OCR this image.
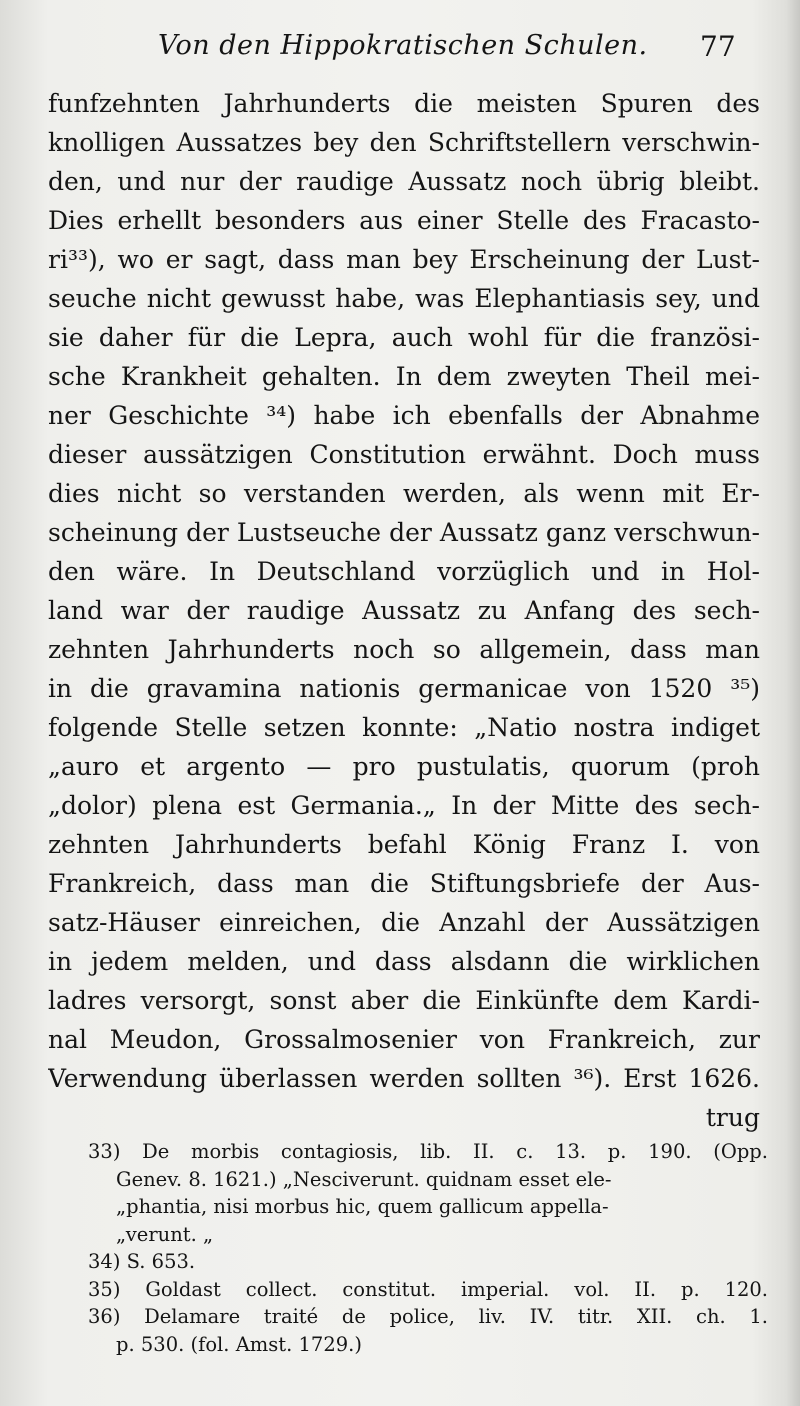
Von den Hippokratischen Schulen. 77
funfzehnten Jahrhunderts die meisten Spuren des
knolligen Aussatzes bey den Schriftstellern verschwin-
den, und nur der raudige Aussatz noch übrig bleibt.
Dies erhellt besonders aus einer Stelle des Fracasto-
ri³³), wo er sagt, dass man bey Erscheinung der Lust-
seuche nicht gewusst habe, was Elephantiasis sey, und
sie daher für die Lepra, auch wohl für die französi-
sche Krankheit gehalten. In dem zweyten Theil mei-
ner Geschichte ³⁴) habe ich ebenfalls der Abnahme
dieser aussätzigen Constitution erwähnt. Doch muss
dies nicht so verstanden werden, als wenn mit Er-
scheinung der Lustseuche der Aussatz ganz verschwun-
den wäre. In Deutschland vorzüglich und in Hol-
land war der raudige Aussatz zu Anfang des sech-
zehnten Jahrhunderts noch so allgemein, dass man
in die gravamina nationis germanicae von 1520 ³⁵)
folgende Stelle setzen konnte: „Natio nostra indiget
„auro et argento — pro pustulatis, quorum (proh
„dolor) plena est Germania.„ In der Mitte des sech-
zehnten Jahrhunderts befahl König Franz I. von
Frankreich, dass man die Stiftungsbriefe der Aus-
satz-Häuser einreichen, die Anzahl der Aussätzigen
in jedem melden, und dass alsdann die wirklichen
ladres versorgt, sonst aber die Einkünfte dem Kardi-
nal Meudon, Grossalmosenier von Frankreich, zur
Verwendung überlassen werden sollten ³⁶). Erst 1626.
trug
33) De morbis contagiosis, lib. II. c. 13. p. 190. (Opp.
Genev. 8. 1621.) „Nesciverunt. quidnam esset ele-
„phantia, nisi morbus hic, quem gallicum appella-
„verunt. „
34) S. 653.
35) Goldast collect. constitut. imperial. vol. II. p. 120.
36) Delamare traité de police, liv. IV. titr. XII. ch. 1.
p. 530. (fol. Amst. 1729.)
